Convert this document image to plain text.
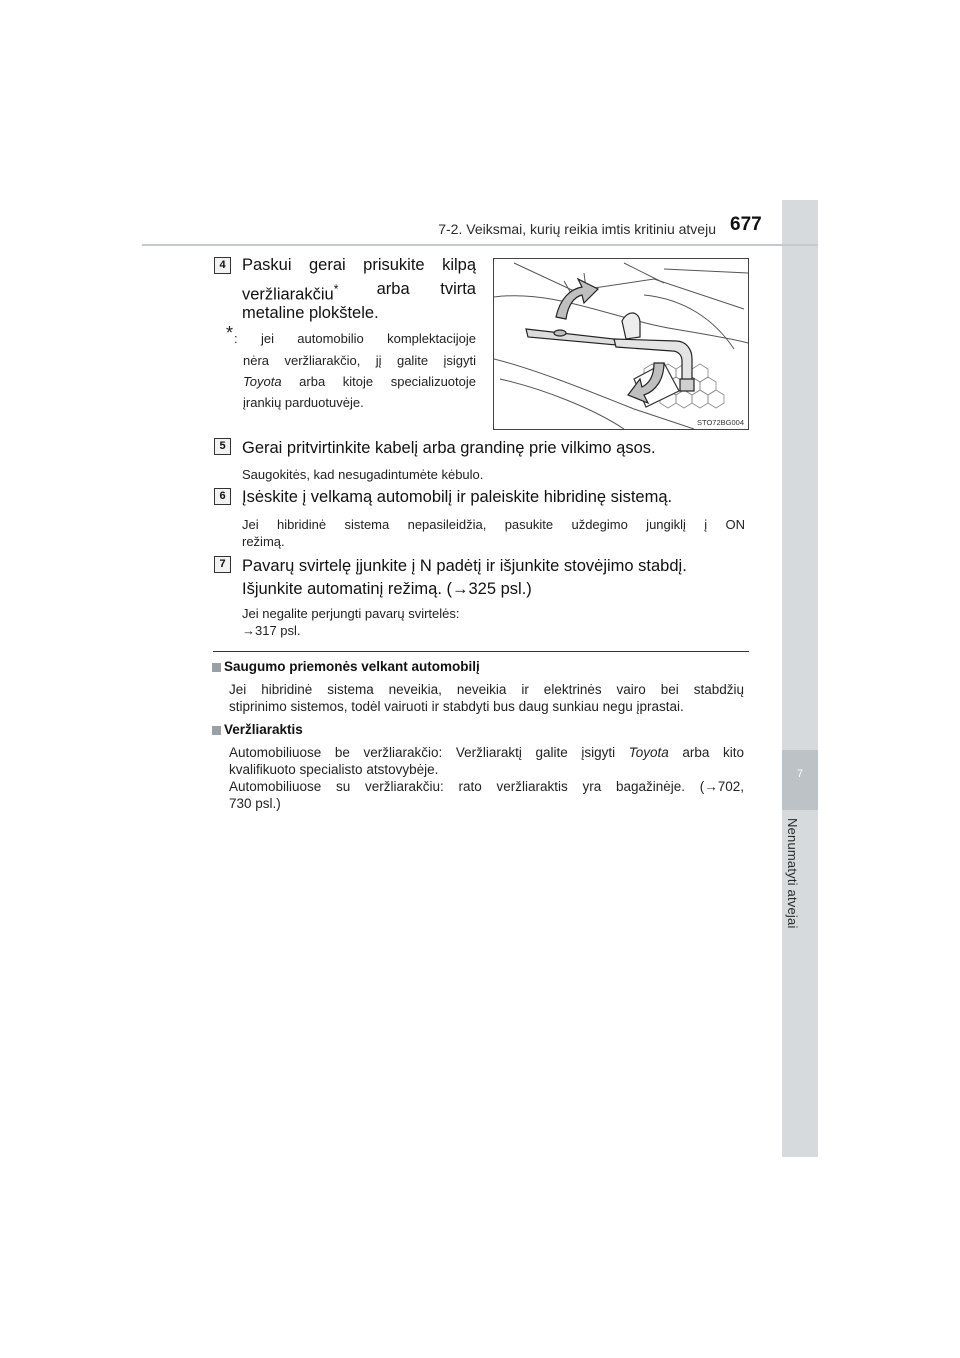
7
Nenumatyti atvejai
7-2. Veiksmai, kurių reikia imtis kritiniu atveju 677
4 Paskui gerai prisukite kilpą
veržliarakčiu* arba tvirta
metaline plokštele.
* : jei automobilio komplektacijoje
nėra veržliarakčio, jį galite įsigyti
Toyota arba kitoje specializuotoje
įrankių parduotuvėje.
STO72BG004
5 Gerai pritvirtinkite kabelį arba grandinę prie vilkimo ąsos.
Saugokitės, kad nesugadintumėte kėbulo.
6 Įsėskite į velkamą automobilį ir paleiskite hibridinę sistemą.
Jei hibridinė sistema nepasileidžia, pasukite uždegimo jungiklį į ON
režimą.
7 Pavarų svirtelę įjunkite į N padėtį ir išjunkite stovėjimo stabdį.
Išjunkite automatinį režimą. (→325 psl.)
Jei negalite perjungti pavarų svirtelės:
→317 psl.
Saugumo priemonės velkant automobilį
Jei hibridinė sistema neveikia, neveikia ir elektrinės vairo bei stabdžių
stiprinimo sistemos, todėl vairuoti ir stabdyti bus daug sunkiau negu įprastai.
Veržliaraktis
Automobiliuose be veržliarakčio: Veržliaraktį galite įsigyti Toyota arba kito
kvalifikuoto specialisto atstovybėje.
Automobiliuose su veržliarakčiu: rato veržliaraktis yra bagažinėje. (→702,
730 psl.)
